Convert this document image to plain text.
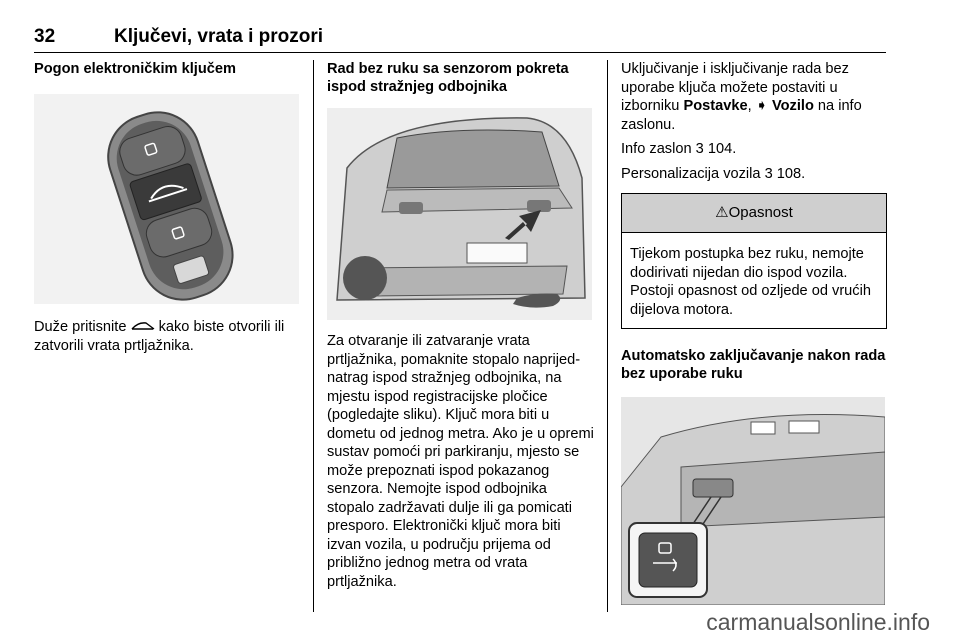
32	Ključevi, vrata i prozori
Pogon elektroničkim ključem

Duže pritisnite  kako biste otvorili ili zatvorili vrata prtljažnika.

Rad bez ruku sa senzorom pokreta ispod stražnjeg odbojnika

Za otvaranje ili zatvaranje vrata prtljažnika, pomaknite stopalo naprijed-natrag ispod stražnjeg odbojnika, na mjestu ispod registracijske pločice (pogledajte sliku). Ključ mora biti u dometu od jednog metra. Ako je u opremi sustav pomoći pri parkiranju, mjesto se može prepoznati ispod pokazanog senzora. Nemojte ispod odbojnika stopalo zadržavati dulje ili ga pomicati presporo. Elektronički ključ mora biti izvan vozila, u području prijema od približno jednog metra od vrata prtljažnika.

Uključivanje i isključivanje rada bez uporabe ključa možete postaviti u izborniku Postavke, ➧ Vozilo na info zaslonu.

Info zaslon 3 104.

Personalizacija vozila 3 108.

⚠ Opasnost
Tijekom postupka bez ruku, nemojte dodirivati nijedan dio ispod vozila. Postoji opasnost od ozljede od vrućih dijelova motora.
Automatsko zaključavanje nakon rada bez uporabe ruku
carmanualsonline.info
